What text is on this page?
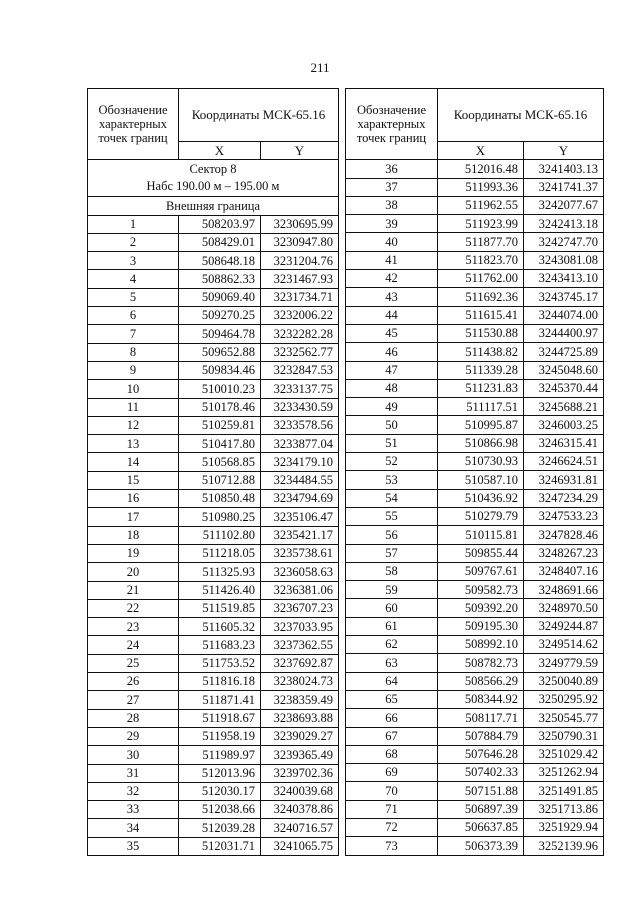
211
Обозначение характерных точек границ	Координаты МСК-65.16	
	X	Y
Сектор 8
Набс 190.00 м – 195.00 м		
Внешняя граница		
1	508203.97	3230695.99
2	508429.01	3230947.80
3	508648.18	3231204.76
4	508862.33	3231467.93
5	509069.40	3231734.71
6	509270.25	3232006.22
7	509464.78	3232282.28
8	509652.88	3232562.77
9	509834.46	3232847.53
10	510010.23	3233137.75
11	510178.46	3233430.59
12	510259.81	3233578.56
13	510417.80	3233877.04
14	510568.85	3234179.10
15	510712.88	3234484.55
16	510850.48	3234794.69
17	510980.25	3235106.47
18	511102.80	3235421.17
19	511218.05	3235738.61
20	511325.93	3236058.63
21	511426.40	3236381.06
22	511519.85	3236707.23
23	511605.32	3237033.95
24	511683.23	3237362.55
25	511753.52	3237692.87
26	511816.18	3238024.73
27	511871.41	3238359.49
28	511918.67	3238693.88
29	511958.19	3239029.27
30	511989.97	3239365.49
31	512013.96	3239702.36
32	512030.17	3240039.68
33	512038.66	3240378.86
34	512039.28	3240716.57
35	512031.71	3241065.75
Обозначение характерных точек границ	Координаты МСК-65.16	
	X	Y
36	512016.48	3241403.13
37	511993.36	3241741.37
38	511962.55	3242077.67
39	511923.99	3242413.18
40	511877.70	3242747.70
41	511823.70	3243081.08
42	511762.00	3243413.10
43	511692.36	3243745.17
44	511615.41	3244074.00
45	511530.88	3244400.97
46	511438.82	3244725.89
47	511339.28	3245048.60
48	511231.83	3245370.44
49	511117.51	3245688.21
50	510995.87	3246003.25
51	510866.98	3246315.41
52	510730.93	3246624.51
53	510587.10	3246931.81
54	510436.92	3247234.29
55	510279.79	3247533.23
56	510115.81	3247828.46
57	509855.44	3248267.23
58	509767.61	3248407.16
59	509582.73	3248691.66
60	509392.20	3248970.50
61	509195.30	3249244.87
62	508992.10	3249514.62
63	508782.73	3249779.59
64	508566.29	3250040.89
65	508344.92	3250295.92
66	508117.71	3250545.77
67	507884.79	3250790.31
68	507646.28	3251029.42
69	507402.33	3251262.94
70	507151.88	3251491.85
71	506897.39	3251713.86
72	506637.85	3251929.94
73	506373.39	3252139.96
